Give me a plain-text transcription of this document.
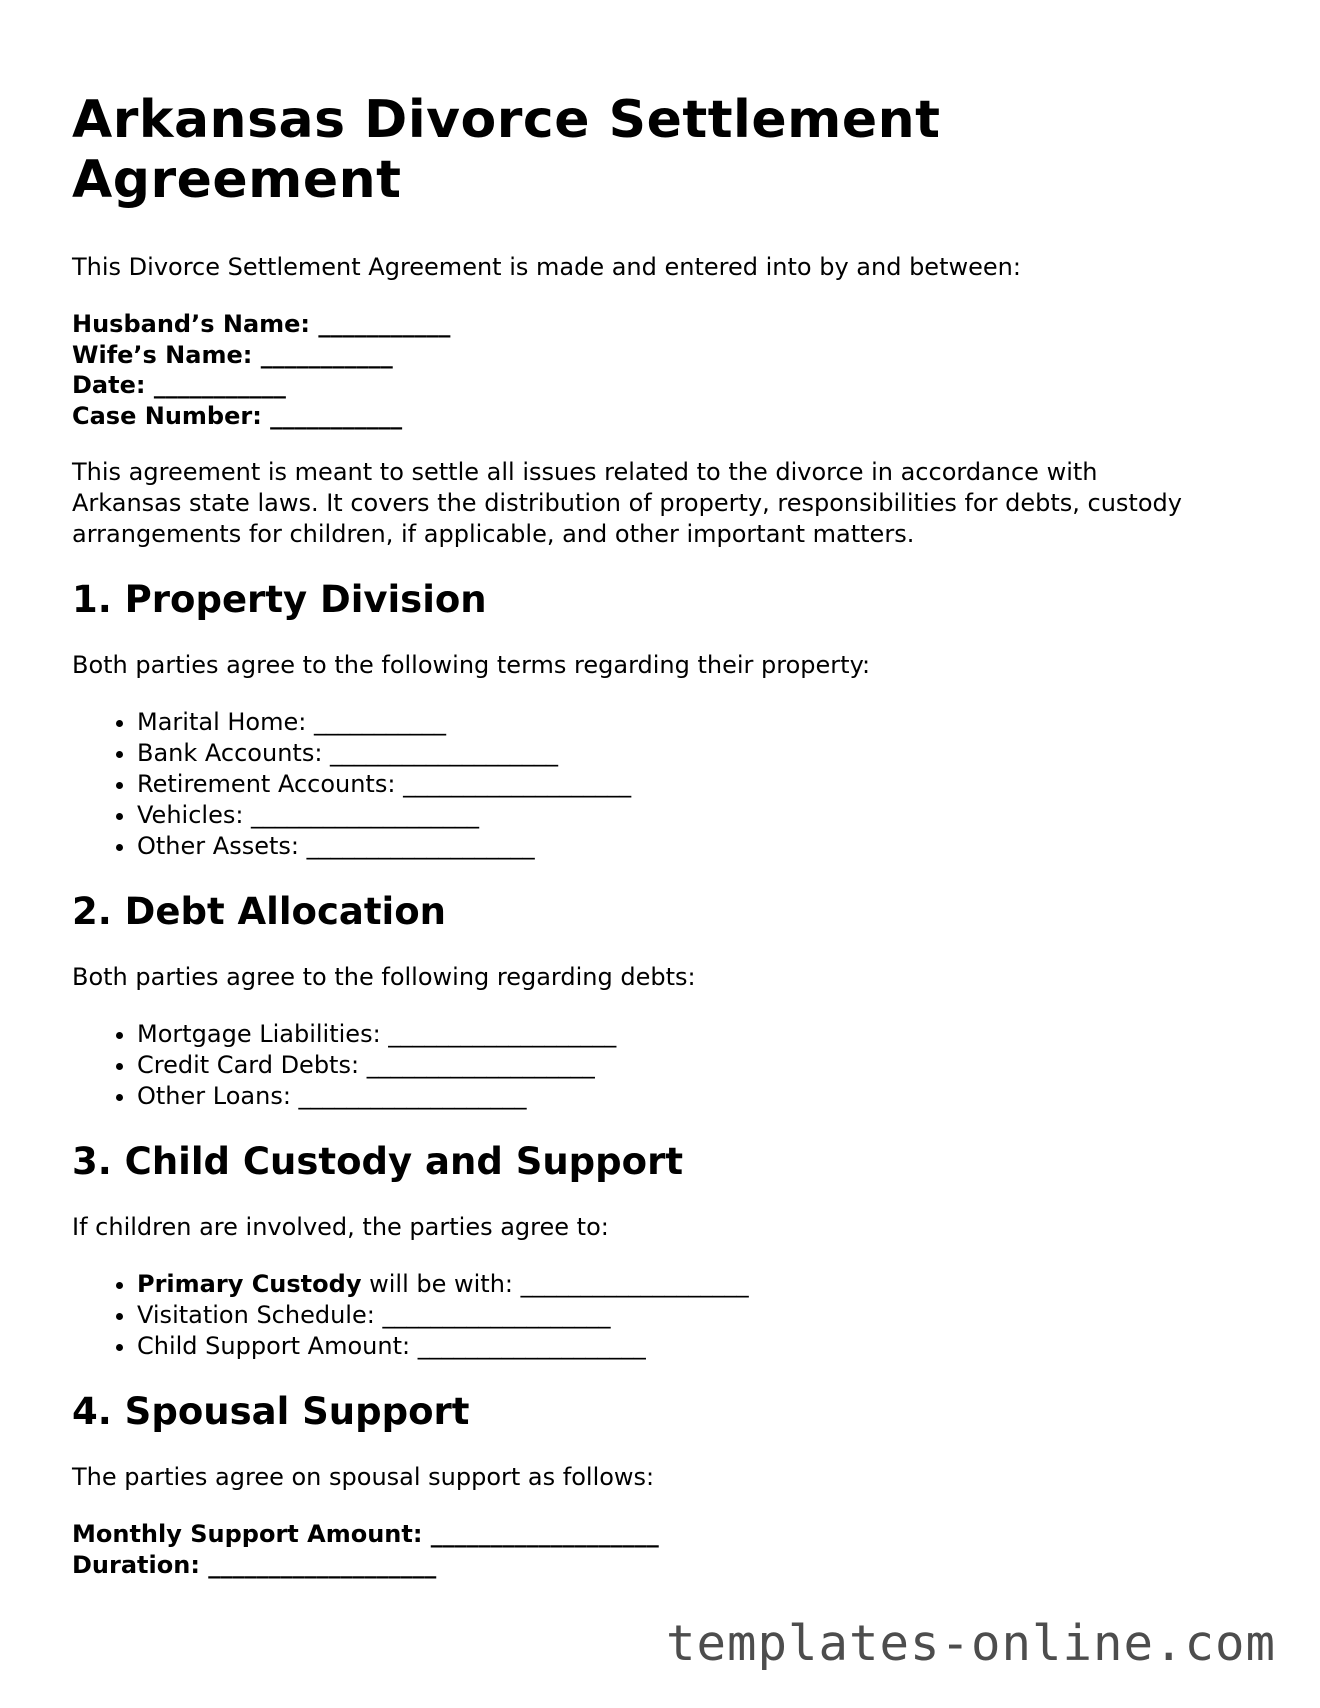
Arkansas Divorce Settlement Agreement

This Divorce Settlement Agreement is made and entered into by and between:

Husband’s Name: ___________
Wife’s Name: ___________
Date: ___________
Case Number: ___________

This agreement is meant to settle all issues related to the divorce in accordance with Arkansas state laws. It covers the distribution of property, responsibilities for debts, custody arrangements for children, if applicable, and other important matters.

1. Property Division

Both parties agree to the following terms regarding their property:

• Marital Home: ___________
• Bank Accounts: ___________________
• Retirement Accounts: ___________________
• Vehicles: ___________________
• Other Assets: ___________________
2. Debt Allocation

Both parties agree to the following regarding debts:

• Mortgage Liabilities: ___________________
• Credit Card Debts: ___________________
• Other Loans: ___________________
3. Child Custody and Support

If children are involved, the parties agree to:

• Primary Custody will be with: ___________________
• Visitation Schedule: ___________________
• Child Support Amount: ___________________
4. Spousal Support

The parties agree on spousal support as follows:

Monthly Support Amount: ___________________
Duration: ___________________
templates-online.com
